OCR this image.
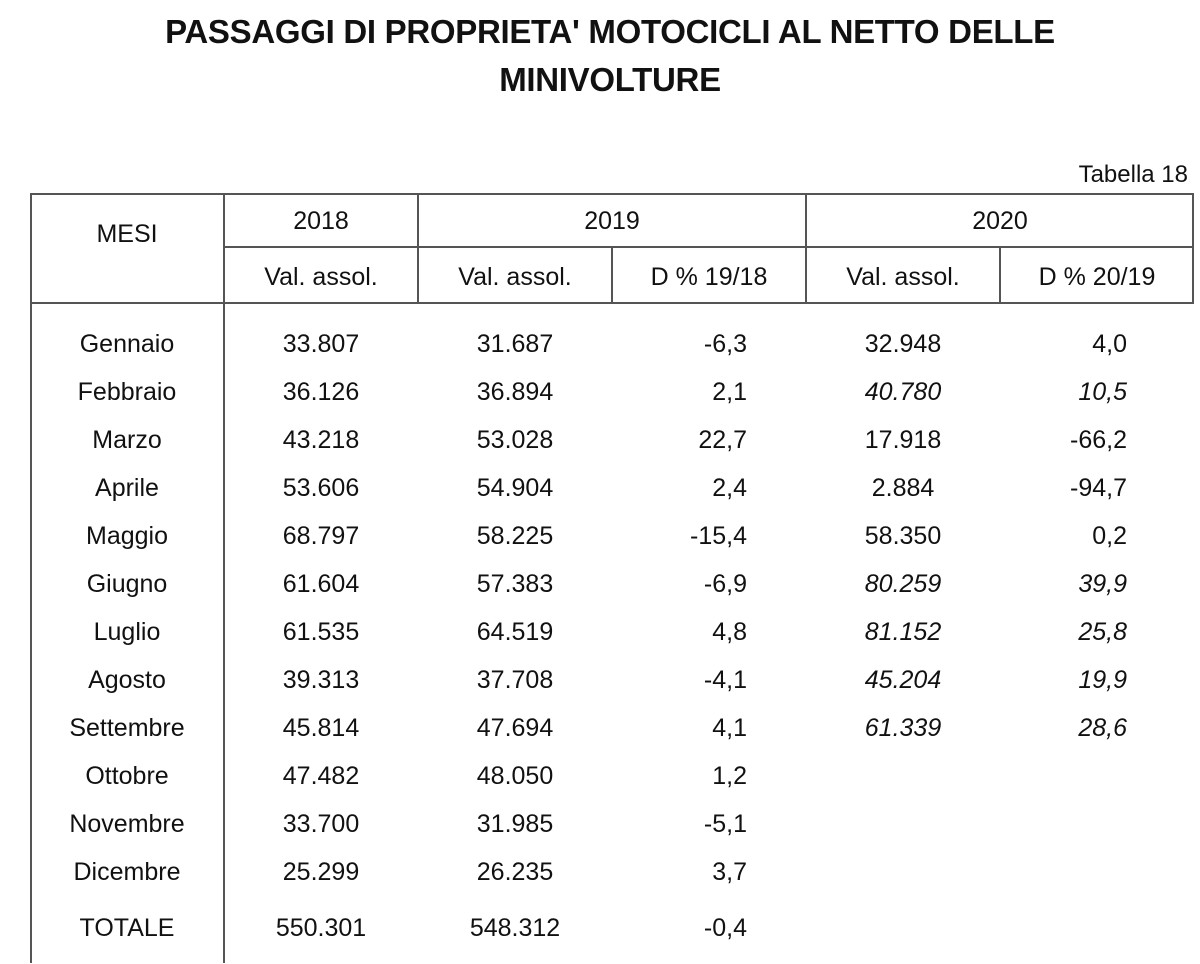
PASSAGGI DI PROPRIETA' MOTOCICLI AL NETTO DELLE
MINIVOLTURE
Tabella 18
MESI	2018	2019	2020
Val. assol.	Val. assol.	D % 19/18	Val. assol.	D % 20/19
Gennaio	33.807	31.687	-6,3	32.948	4,0
Febbraio	36.126	36.894	2,1	40.780	10,5
Marzo	43.218	53.028	22,7	17.918	-66,2
Aprile	53.606	54.904	2,4	2.884	-94,7
Maggio	68.797	58.225	-15,4	58.350	0,2
Giugno	61.604	57.383	-6,9	80.259	39,9
Luglio	61.535	64.519	4,8	81.152	25,8
Agosto	39.313	37.708	-4,1	45.204	19,9
Settembre	45.814	47.694	4,1	61.339	28,6
Ottobre	47.482	48.050	1,2
Novembre	33.700	31.985	-5,1
Dicembre	25.299	26.235	3,7
TOTALE	550.301	548.312	-0,4
